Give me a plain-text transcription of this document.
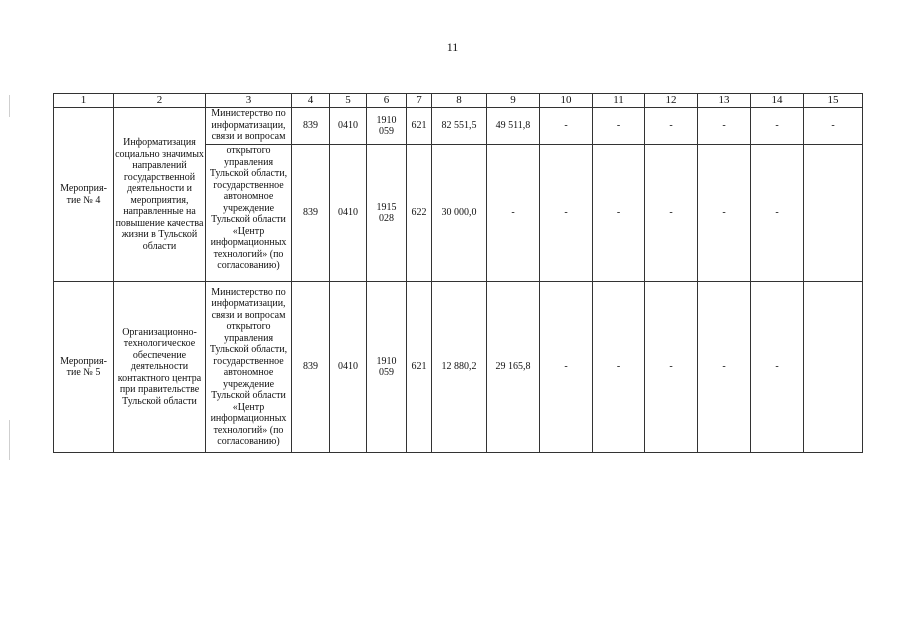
11
1	2	3	4	5	6	7	8	9	10	11	12	13	14	15
Мероприя-тие № 4	Информатизация социально значимых направлений государственной деятельности и мероприятия, направленные на повышение качества жизни в Тульской области	Министерство по информатизации, связи и вопросам	839	0410	1910 059	621	82 551,5	49 511,8	-	-	-	-	-	-
		открытого управления Тульской области, государственное автономное учреждение Тульской области «Центр информационных технологий» (по согласованию)	839	0410	1915 028	622	30 000,0	-	-	-	-	-	-	
Мероприя-тие № 5	Организационно-технологическое обеспечение деятельности контактного центра при правительстве Тульской области	Министерство по информатизации, связи и вопросам открытого управления Тульской области, государственное автономное учреждение Тульской области «Центр информационных технологий» (по согласованию)	839	0410	1910 059	621	12 880,2	29 165,8	-	-	-	-	-	
